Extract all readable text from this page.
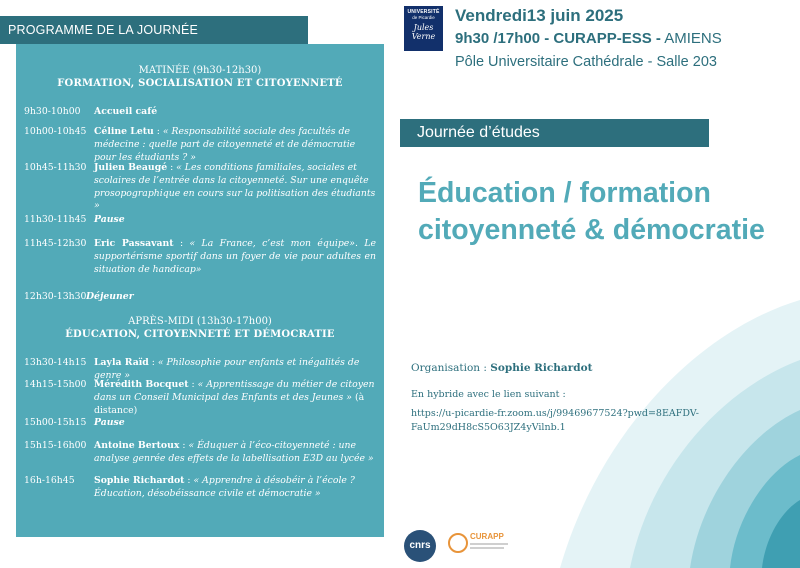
PROGRAMME DE LA JOURNÉE
MATINÉE (9h30-12h30)
FORMATION, SOCIALISATION ET CITOYENNETÉ
9h30-10h00 Accueil café
10h00-10h45 Céline Letu : « Responsabilité sociale des facultés de médecine : quelle part de citoyenneté et de démocratie pour les étudiants ? »
10h45-11h30 Julien Beaugé : « Les conditions familiales, sociales et scolaires de l’entrée dans la citoyenneté. Sur une enquête prosopographique en cours sur la politisation des étudiants »
11h30-11h45 Pause
11h45-12h30 Eric Passavant : « La France, c’est mon équipe». Le supportérisme sportif dans un foyer de vie pour adultes en situation de handicap»
12h30-13h30 Déjeuner
APRÈS-MIDI (13h30-17h00)
ÉDUCATION, CITOYENNETÉ ET DÉMOCRATIE
13h30-14h15 Layla Raïd : « Philosophie pour enfants et inégalités de genre »
14h15-15h00 Mérédith Bocquet : « Apprentissage du métier de citoyen dans un Conseil Municipal des Enfants et des Jeunes » (à distance)
15h00-15h15 Pause
15h15-16h00 Antoine Bertoux : « Éduquer à l’éco-citoyenneté : une analyse genrée des effets de la labellisation E3D au lycée »
16h-16h45 Sophie Richardot : « Apprendre à désobéir à l’école ? Éducation, désobéissance civile et démocratie »
UNIVERSITÉ
de Picardie
Jules Verne
Vendredi13 juin 2025
9h30 /17h00 - CURAPP-ESS - AMIENS
Pôle Universitaire Cathédrale - Salle 203
Journée d’études
Éducation / formation
citoyenneté & démocratie
Organisation : Sophie Richardot
En hybride avec le lien suivant :
https://u-picardie-fr.zoom.us/j/99469677524?pwd=8EAFDV-
FaUm29dH8cS5O63JZ4yVilnb.1
cnrs
CURAPP
